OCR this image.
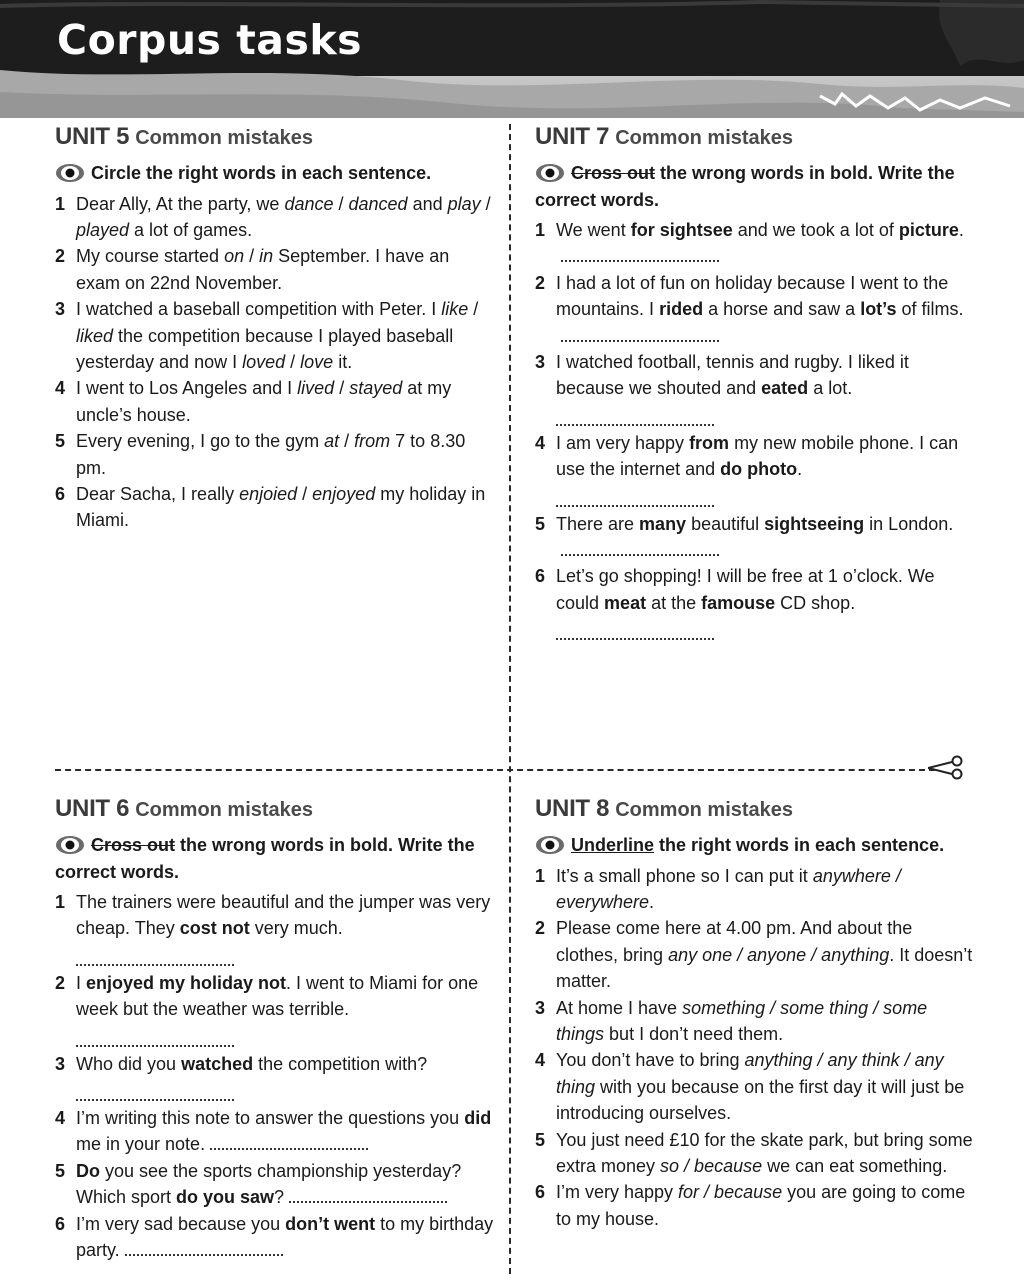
Corpus tasks
UNIT 5 Common mistakes
Circle the right words in each sentence.
1 Dear Ally, At the party, we dance / danced and play / played a lot of games.
2 My course started on / in September. I have an exam on 22nd November.
3 I watched a baseball competition with Peter. I like / liked the competition because I played baseball yesterday and now I loved / love it.
4 I went to Los Angeles and I lived / stayed at my uncle’s house.
5 Every evening, I go to the gym at / from 7 to 8.30 pm.
6 Dear Sacha, I really enjoied / enjoyed my holiday in Miami.
UNIT 7 Common mistakes
Cross out the wrong words in bold. Write the correct words.
1 We went for sightsee and we took a lot of picture.
2 I had a lot of fun on holiday because I went to the mountains. I rided a horse and saw a lot’s of films.
3 I watched football, tennis and rugby. I liked it because we shouted and eated a lot.
4 I am very happy from my new mobile phone. I can use the internet and do photo.
5 There are many beautiful sightseeing in London.
6 Let’s go shopping! I will be free at 1 o’clock. We could meat at the famouse CD shop.
UNIT 6 Common mistakes
Cross out the wrong words in bold. Write the correct words.
1 The trainers were beautiful and the jumper was very cheap. They cost not very much.
2 I enjoyed my holiday not. I went to Miami for one week but the weather was terrible.
3 Who did you watched the competition with?
4 I’m writing this note to answer the questions you did me in your note.
5 Do you see the sports championship yesterday? Which sport do you saw?
6 I’m very sad because you don’t went to my birthday party.
UNIT 8 Common mistakes
Underline the right words in each sentence.
1 It’s a small phone so I can put it anywhere / everywhere.
2 Please come here at 4.00 pm. And about the clothes, bring any one / anyone / anything. It doesn’t matter.
3 At home I have something / some thing / some things but I don’t need them.
4 You don’t have to bring anything / any think / any thing with you because on the first day it will just be introducing ourselves.
5 You just need £10 for the skate park, but bring some extra money so / because we can eat something.
6 I’m very happy for / because you are going to come to my house.
